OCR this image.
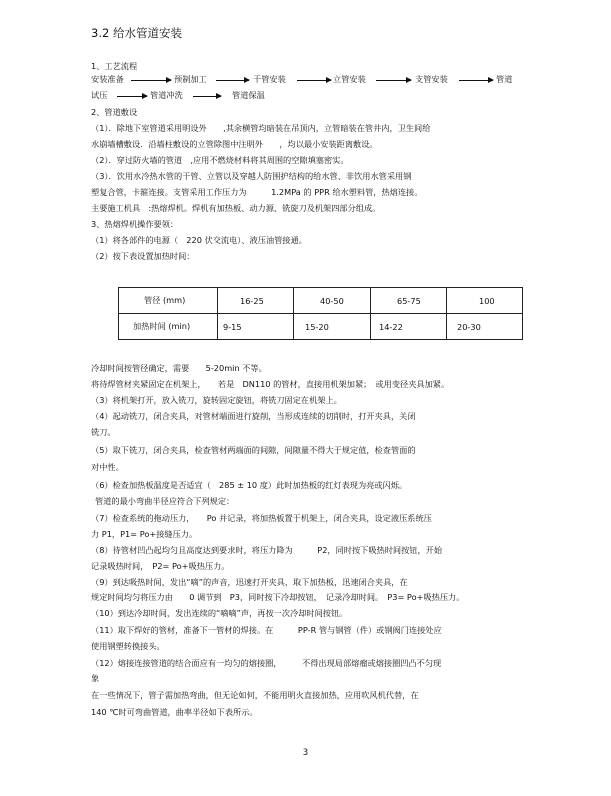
3.2 给水管道安装
1、工艺流程
安装准备	预制加工	干管安装	立管安装	支管安装	管道
试压	管道冲洗	管道保温
2、管道敷设
（1）．除地下室管道采用明设外　　,其余横管均暗装在吊顶内，立管暗装在管井内，卫生间给
水崩墙槽敷设．沿墙柱敷设的立管除图中注明外　　，均以最小安装距离敷设。
（2）．穿过防火墙的管道　,应用不燃烧材料将其周围的空隙填塞密实。
（3）．饮用水冷热水管的干管、立管以及穿越人防围护结构的给水管、非饮用水管采用钢
塑复合管，卡箍连接。支管采用工作压力为　　　1.2MPa 的 PPR 给水塑料管，热熔连接。
主要施工机具　:热熔焊机。焊机有加热板、动力源、铣旋刀及机架四部分组成。
3、热熔焊机操作要领：
（1）将各部件的电源（　220 伏交流电）、液压油管接通。
（2）按下表设置加热时间：
管径 (mm)	16-25	40-50	65-75	100
加热时间 (min)	9-15	15-20	14-22	20-30
冷却时间按管径确定，需要　　5-20min 不等。
将待焊管材夹紧固定在机架上，　　若是　DN110 的管材，直接用机架加紧；　或用变径夹具加紧。
（3）将机架打开，放入铣刀，旋转固定旋钮，将铣刀固定在机架上。
（4）起动铣刀，闭合夹具，对管材端面进行旋削，当形成连续的切削时，打开夹具，关闭
铣刀。
（5）取下铣刀，闭合夹具，检查管材两端面的间隙，间隙量不得大于规定值，检查管面的
对中性。
（6）检查加热板温度是否适宜（　285 ± 10 度）此时加热板的红灯表现为亮或闪烁。
管道的最小弯曲半径应符合下列规定：
（7）检查系统的拖动压力，　　Po 并记录，将加热板置于机架上，闭合夹具，设定液压系统压
力 P1，P1= Po+接缝压力。
（8）待管材凹凸起均匀且高度达到要求时，将压力降为　　　P2，同时按下吸热时间按钮，开始
记录吸热时间，　P2= Po+吸热压力。
（9）到达吸热时间，发出“嘀”的声音，迅速打开夹具，取下加热板，迅速闭合夹具，在
规定时间均匀将压力由　　0 调节到　P3，同时按下冷却按钮，　记录冷却时间。　P3= Po+吸热压力。
（10）到达冷却时间，发出连续的“嘀嘀”声，再按一次冷却时间按钮。
（11）取下焊好的管材，准备下一管材的焊接。在　　　PP-R 管与钢管（件）或钢阀门连接处应
使用钢塑转换接头。
（12）熔接连接管道的结合面应有一均匀的熔接圈，　　　不得出现局部熔瘤或熔接圈凹凸不匀现
象
在一些情况下，管子需加热弯曲，但无论如何，不能用明火直接加热，应用吹风机代替，在
140 ℃时可弯曲管道，曲率半径如下表所示。
3
